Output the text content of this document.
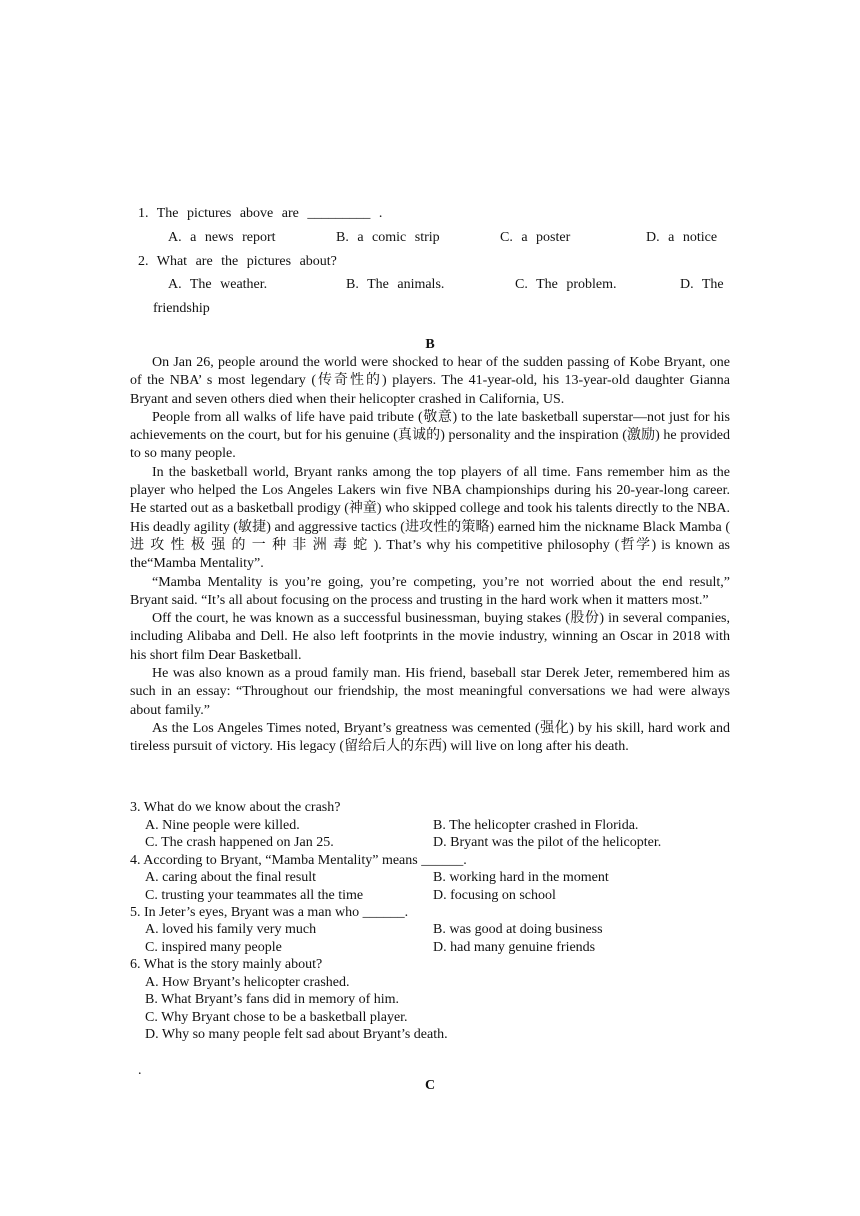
1. The pictures above are _________ .
A. a news report	B. a comic strip	C. a poster	D. a notice
2. What are the pictures about?
A. The weather.	B. The animals.	C. The problem.	D. The
friendship
B

On Jan 26, people around the world were shocked to hear of the sudden passing of Kobe Bryant, one of the NBA’ s most legendary (传奇性的) players. The 41-year-old, his 13-year-old daughter Gianna Bryant and seven others died when their helicopter crashed in California, US.

People from all walks of life have paid tribute (敬意) to the late basketball superstar—not just for his achievements on the court, but for his genuine (真诚的) personality and the inspiration (激励) he provided to so many people.

In the basketball world, Bryant ranks among the top players of all time. Fans remember him as the player who helped the Los Angeles Lakers win five NBA championships during his 20-year-long career. He started out as a basketball prodigy (神童) who skipped college and took his talents directly to the NBA. His deadly agility (敏捷) and aggressive tactics (进攻性的策略) earned him the nickname Black Mamba ( 进 攻 性 极 强 的 一 种 非 洲 毒 蛇 ). That’s why his competitive philosophy (哲学) is known as the“Mamba Mentality”.

“Mamba Mentality is you’re going, you’re competing, you’re not worried about the end result,” Bryant said. “It’s all about focusing on the process and trusting in the hard work when it matters most.”

Off the court, he was known as a successful businessman, buying stakes (股份) in several companies, including Alibaba and Dell. He also left footprints in the movie industry, winning an Oscar in 2018 with his short film Dear Basketball.

He was also known as a proud family man. His friend, baseball star Derek Jeter, remembered him as such in an essay: “Throughout our friendship, the most meaningful conversations we had were always about family.”

As the Los Angeles Times noted, Bryant’s greatness was cemented (强化) by his skill, hard work and tireless pursuit of victory. His legacy (留给后人的东西) will live on long after his death.

3. What do we know about the crash?
A. Nine people were killed.	B. The helicopter crashed in Florida.
C. The crash happened on Jan 25.	D. Bryant was the pilot of the helicopter.
4. According to Bryant, “Mamba Mentality” means ______.
A. caring about the final result	B. working hard in the moment
C. trusting your teammates all the time	D. focusing on school
5. In Jeter’s eyes, Bryant was a man who ______.
A. loved his family very much	B. was good at doing business
C. inspired many people	D. had many genuine friends
6. What is the story mainly about?
A. How Bryant’s helicopter crashed.
B. What Bryant’s fans did in memory of him.
C. Why Bryant chose to be a basketball player.
D. Why so many people felt sad about Bryant’s death.
.
C
